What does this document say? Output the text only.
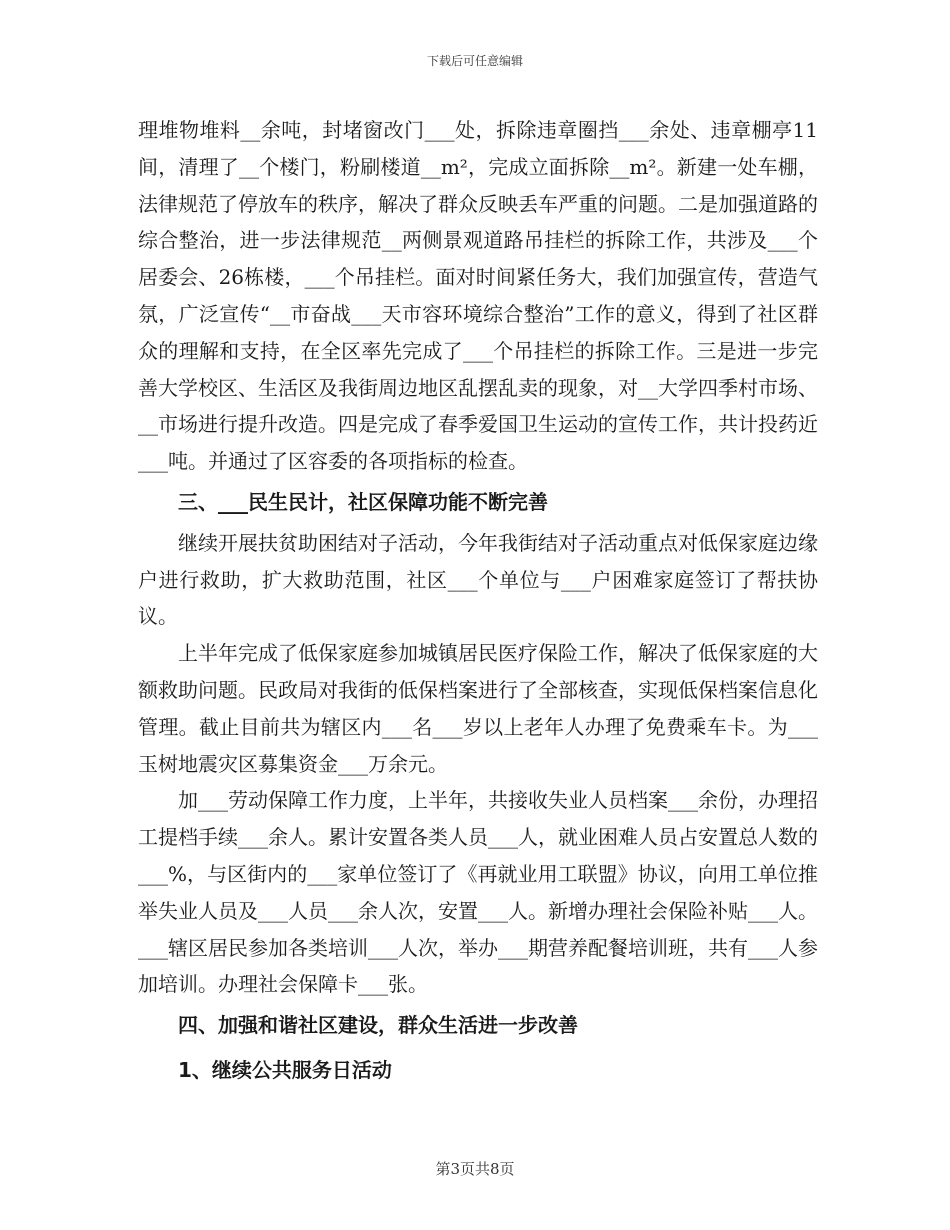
下载后可任意编辑

理堆物堆料__余吨，封堵窗改门___处，拆除违章圈挡___余处、违章棚亭11间，清理了__个楼门，粉刷楼道__m²，完成立面拆除__m²。新建一处车棚，法律规范了停放车的秩序，解决了群众反映丢车严重的问题。二是加强道路的综合整治，进一步法律规范__两侧景观道路吊挂栏的拆除工作，共涉及___个居委会、26栋楼，___个吊挂栏。面对时间紧任务大，我们加强宣传，营造气氛，广泛宣传“__市奋战___天市容环境综合整治”工作的意义，得到了社区群众的理解和支持，在全区率先完成了___个吊挂栏的拆除工作。三是进一步完善大学校区、生活区及我街周边地区乱摆乱卖的现象，对__大学四季村市场、__市场进行提升改造。四是完成了春季爱国卫生运动的宣传工作，共计投药近___吨。并通过了区容委的各项指标的检查。

三、___民生民计，社区保障功能不断完善

继续开展扶贫助困结对子活动，今年我街结对子活动重点对低保家庭边缘户进行救助，扩大救助范围，社区___个单位与___户困难家庭签订了帮扶协议。

上半年完成了低保家庭参加城镇居民医疗保险工作，解决了低保家庭的大额救助问题。民政局对我街的低保档案进行了全部核查，实现低保档案信息化管理。截止目前共为辖区内___名___岁以上老年人办理了免费乘车卡。为___玉树地震灾区募集资金___万余元。

加___劳动保障工作力度，上半年，共接收失业人员档案___余份，办理招工提档手续___余人。累计安置各类人员___人，就业困难人员占安置总人数的___%，与区街内的___家单位签订了《再就业用工联盟》协议，向用工单位推举失业人员及___人员___余人次，安置___人。新增办理社会保险补贴___人。___辖区居民参加各类培训___人次，举办___期营养配餐培训班，共有___人参加培训。办理社会保障卡___张。

四、加强和谐社区建设，群众生活进一步改善

1、继续公共服务日活动

第3页共8页
